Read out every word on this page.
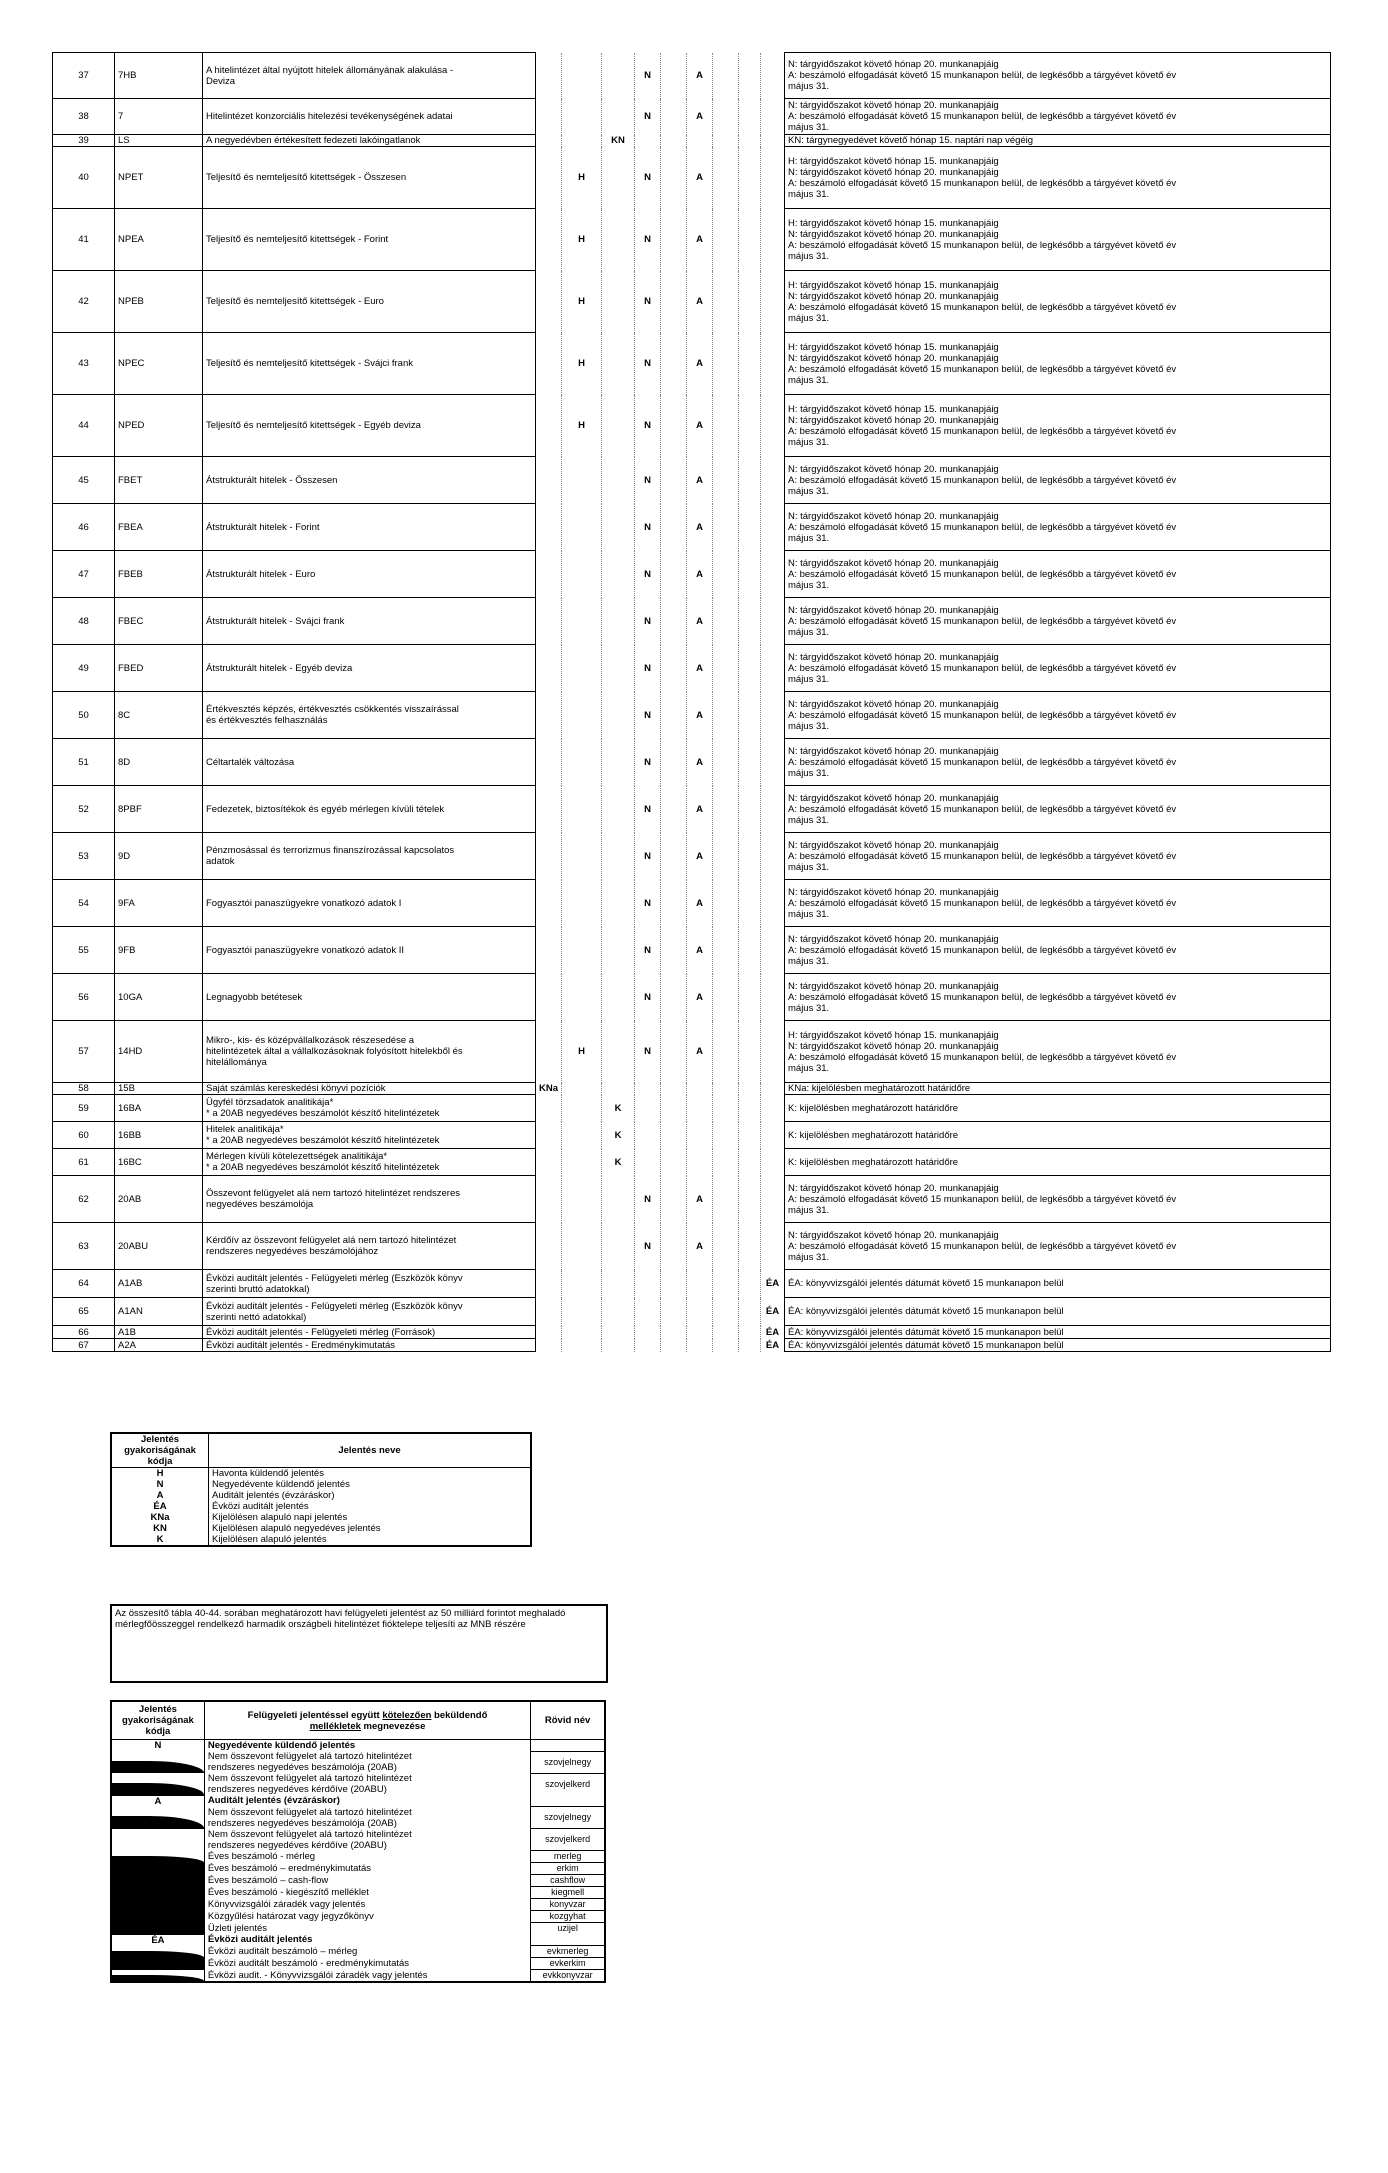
37	7HB	A hitelintézet által nyújtott hitelek állományának alakulása -
Deviza				N		A				N: tárgyidőszakot követő hónap 20. munkanapjáig
A: beszámoló elfogadását követő 15 munkanapon belül, de legkésőbb a tárgyévet követő év
május 31.
38	7	Hitelintézet konzorciális hitelezési tevékenységének adatai				N		A				N: tárgyidőszakot követő hónap 20. munkanapjáig
A: beszámoló elfogadását követő 15 munkanapon belül, de legkésőbb a tárgyévet követő év
május 31.
39	LS	A negyedévben értékesített fedezeti lakóingatlanok			KN							KN: tárgynegyedévet követő hónap 15. naptári nap végéig
40	NPET	Teljesítő és nemteljesítő kitettségek - Összesen		H		N		A				H: tárgyidőszakot követő hónap 15. munkanapjáig
N: tárgyidőszakot követő hónap 20. munkanapjáig
A: beszámoló elfogadását követő 15 munkanapon belül, de legkésőbb a tárgyévet követő év
május 31.
41	NPEA	Teljesítő és nemteljesítő kitettségek - Forint		H		N		A				H: tárgyidőszakot követő hónap 15. munkanapjáig
N: tárgyidőszakot követő hónap 20. munkanapjáig
A: beszámoló elfogadását követő 15 munkanapon belül, de legkésőbb a tárgyévet követő év
május 31.
42	NPEB	Teljesítő és nemteljesítő kitettségek - Euro		H		N		A				H: tárgyidőszakot követő hónap 15. munkanapjáig
N: tárgyidőszakot követő hónap 20. munkanapjáig
A: beszámoló elfogadását követő 15 munkanapon belül, de legkésőbb a tárgyévet követő év
május 31.
43	NPEC	Teljesítő és nemteljesítő kitettségek - Svájci frank		H		N		A				H: tárgyidőszakot követő hónap 15. munkanapjáig
N: tárgyidőszakot követő hónap 20. munkanapjáig
A: beszámoló elfogadását követő 15 munkanapon belül, de legkésőbb a tárgyévet követő év
május 31.
44	NPED	Teljesítő és nemteljesítő kitettségek - Egyéb deviza		H		N		A				H: tárgyidőszakot követő hónap 15. munkanapjáig
N: tárgyidőszakot követő hónap 20. munkanapjáig
A: beszámoló elfogadását követő 15 munkanapon belül, de legkésőbb a tárgyévet követő év
május 31.
45	FBET	Átstrukturált hitelek - Összesen				N		A				N: tárgyidőszakot követő hónap 20. munkanapjáig
A: beszámoló elfogadását követő 15 munkanapon belül, de legkésőbb a tárgyévet követő év
május 31.
46	FBEA	Átstrukturált hitelek - Forint				N		A				N: tárgyidőszakot követő hónap 20. munkanapjáig
A: beszámoló elfogadását követő 15 munkanapon belül, de legkésőbb a tárgyévet követő év
május 31.
47	FBEB	Átstrukturált hitelek - Euro				N		A				N: tárgyidőszakot követő hónap 20. munkanapjáig
A: beszámoló elfogadását követő 15 munkanapon belül, de legkésőbb a tárgyévet követő év
május 31.
48	FBEC	Átstrukturált hitelek - Svájci frank				N		A				N: tárgyidőszakot követő hónap 20. munkanapjáig
A: beszámoló elfogadását követő 15 munkanapon belül, de legkésőbb a tárgyévet követő év
május 31.
49	FBED	Átstrukturált hitelek - Egyéb deviza				N		A				N: tárgyidőszakot követő hónap 20. munkanapjáig
A: beszámoló elfogadását követő 15 munkanapon belül, de legkésőbb a tárgyévet követő év
május 31.
50	8C	Értékvesztés képzés, értékvesztés csökkentés visszaírással
és értékvesztés felhasználás				N		A				N: tárgyidőszakot követő hónap 20. munkanapjáig
A: beszámoló elfogadását követő 15 munkanapon belül, de legkésőbb a tárgyévet követő év
május 31.
51	8D	Céltartalék változása				N		A				N: tárgyidőszakot követő hónap 20. munkanapjáig
A: beszámoló elfogadását követő 15 munkanapon belül, de legkésőbb a tárgyévet követő év
május 31.
52	8PBF	Fedezetek, biztosítékok és egyéb mérlegen kívüli tételek				N		A				N: tárgyidőszakot követő hónap 20. munkanapjáig
A: beszámoló elfogadását követő 15 munkanapon belül, de legkésőbb a tárgyévet követő év
május 31.
53	9D	Pénzmosással és terrorizmus finanszírozással kapcsolatos
adatok				N		A				N: tárgyidőszakot követő hónap 20. munkanapjáig
A: beszámoló elfogadását követő 15 munkanapon belül, de legkésőbb a tárgyévet követő év
május 31.
54	9FA	Fogyasztói panaszügyekre vonatkozó adatok I				N		A				N: tárgyidőszakot követő hónap 20. munkanapjáig
A: beszámoló elfogadását követő 15 munkanapon belül, de legkésőbb a tárgyévet követő év
május 31.
55	9FB	Fogyasztói panaszügyekre vonatkozó adatok II				N		A				N: tárgyidőszakot követő hónap 20. munkanapjáig
A: beszámoló elfogadását követő 15 munkanapon belül, de legkésőbb a tárgyévet követő év
május 31.
56	10GA	Legnagyobb betétesek				N		A				N: tárgyidőszakot követő hónap 20. munkanapjáig
A: beszámoló elfogadását követő 15 munkanapon belül, de legkésőbb a tárgyévet követő év
május 31.
57	14HD	Mikro-, kis- és középvállalkozások részesedése a
hitelintézetek által a vállalkozásoknak folyósított hitelekből és
hitelállománya		H		N		A				H: tárgyidőszakot követő hónap 15. munkanapjáig
N: tárgyidőszakot követő hónap 20. munkanapjáig
A: beszámoló elfogadását követő 15 munkanapon belül, de legkésőbb a tárgyévet követő év
május 31.
58	15B	Saját számlás kereskedési könyvi pozíciók	KNa									KNa: kijelölésben meghatározott határidőre
59	16BA	Ügyfél törzsadatok analitikája*
* a 20AB negyedéves beszámolót készítő hitelintézetek			K							K: kijelölésben meghatározott határidőre
60	16BB	Hitelek analitikája*
* a 20AB negyedéves beszámolót készítő hitelintézetek			K							K: kijelölésben meghatározott határidőre
61	16BC	Mérlegen kívüli kötelezettségek analitikája*
* a 20AB negyedéves beszámolót készítő hitelintézetek			K							K: kijelölésben meghatározott határidőre
62	20AB	Összevont felügyelet alá nem tartozó hitelintézet rendszeres
negyedéves beszámolója				N		A				N: tárgyidőszakot követő hónap 20. munkanapjáig
A: beszámoló elfogadását követő 15 munkanapon belül, de legkésőbb a tárgyévet követő év
május 31.
63	20ABU	Kérdőív az összevont felügyelet alá nem tartozó hitelintézet
rendszeres negyedéves beszámolójához				N		A				N: tárgyidőszakot követő hónap 20. munkanapjáig
A: beszámoló elfogadását követő 15 munkanapon belül, de legkésőbb a tárgyévet követő év
május 31.
64	A1AB	Évközi auditált jelentés - Felügyeleti mérleg (Eszközök könyv
szerinti bruttó adatokkal)									ÉA	ÉA: könyvvizsgálói jelentés dátumát követő 15 munkanapon belül
65	A1AN	Évközi auditált jelentés - Felügyeleti mérleg (Eszközök könyv
szerinti nettó adatokkal)									ÉA	ÉA: könyvvizsgálói jelentés dátumát követő 15 munkanapon belül
66	A1B	Évközi auditált jelentés - Felügyeleti mérleg (Források)									ÉA	ÉA: könyvvizsgálói jelentés dátumát követő 15 munkanapon belül
67	A2A	Évközi auditált jelentés - Eredménykimutatás									ÉA	ÉA: könyvvizsgálói jelentés dátumát követő 15 munkanapon belül
Jelentés
gyakoriságának
kódja	Jelentés neve
H	Havonta küldendő jelentés
N	Negyedévente küldendő jelentés
A	Auditált jelentés (évzáráskor)
ÉA	Évközi auditált jelentés
KNa	Kijelölésen alapuló napi jelentés
KN	Kijelölésen alapuló negyedéves jelentés
K	Kijelölésen alapuló jelentés
Az összesítő tábla 40-44. sorában meghatározott havi felügyeleti jelentést az 50 milliárd forintot meghaladó mérlegfőösszeggel rendelkező harmadik országbeli hitelintézet fióktelepe teljesíti az MNB részére
Jelentés
gyakoriságának
kódja	Felügyeleti jelentéssel együtt kötelezően beküldendő
mellékletek megnevezése	Rövid név
N	Negyedévente küldendő jelentés	

	Nem összevont felügyelet alá tartozó hitelintézet
rendszeres negyedéves beszámolója (20AB)	szovjelnegy

	Nem összevont felügyelet alá tartozó hitelintézet
rendszeres negyedéves kérdőíve (20ABU)	szovjelkerd
A	Auditált jelentés (évzáráskor)	

	Nem összevont felügyelet alá tartozó hitelintézet
rendszeres negyedéves beszámolója (20AB)	szovjelnegy
	Nem összevont felügyelet alá tartozó hitelintézet
rendszeres negyedéves kérdőíve (20ABU)	szovjelkerd

	Éves beszámoló - mérleg	merleg

	Éves beszámoló – eredménykimutatás	erkim

	Éves beszámoló – cash-flow	cashflow

	Éves beszámoló - kiegészítő melléklet	kiegmell

	Könyvvizsgálói záradék vagy jelentés	konyvzar

	Közgyűlési határozat vagy jegyzőkönyv	kozgyhat

	Üzleti jelentés	uzijel
ÉA	Évközi auditált jelentés	

	Évközi auditált beszámoló – mérleg	evkmerleg

	Évközi auditált beszámoló - eredménykimutatás	evkerkim

	Évközi audit. - Könyvvizsgálói záradék vagy jelentés	evkkonyvzar
